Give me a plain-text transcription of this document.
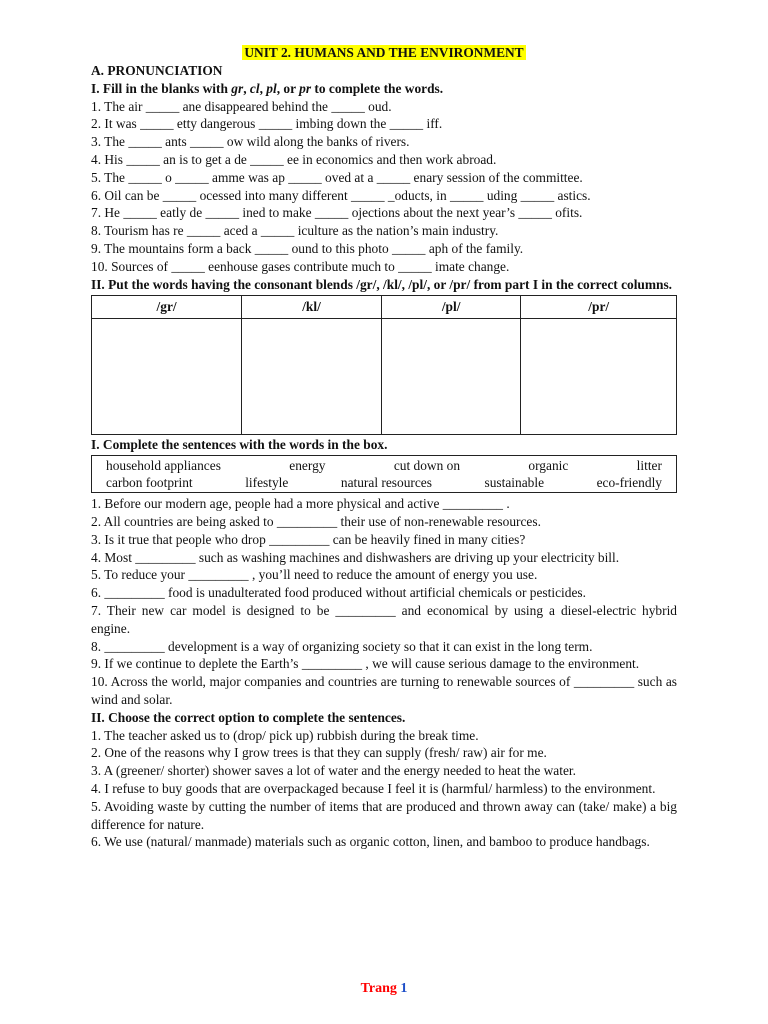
UNIT 2. HUMANS AND THE ENVIRONMENT
A. PRONUNCIATION
I. Fill in the blanks with gr, cl, pl, or pr to complete the words.
1. The air _____ ane disappeared behind the _____ oud.
2. It was _____ etty dangerous _____ imbing down the _____ iff.
3. The _____ ants _____ ow wild along the banks of rivers.
4. His _____ an is to get a de _____ ee in economics and then work abroad.
5. The _____ o _____ amme was ap _____ oved at a _____ enary session of the committee.
6. Oil can be _____ ocessed into many different _____ _oducts, in _____ uding _____ astics.
7. He _____ eatly de _____ ined to make _____ ojections about the next year’s _____ ofits.
8. Tourism has re _____ aced a _____ iculture as the nation’s main industry.
9. The mountains form a back _____ ound to this photo _____ aph of the family.
10. Sources of _____ eenhouse gases contribute much to _____ imate change.
II. Put the words having the consonant blends /gr/, /kl/, /pl/, or /pr/ from part I in the correct columns.
/gr/	/kl/	/pl/	/pr/

I. Complete the sentences with the words in the box.
household appliances	energy	cut down on	organic	litter
carbon footprint	lifestyle	natural resources	sustainable	eco-friendly
1. Before our modern age, people had a more physical and active _________ .
2. All countries are being asked to _________ their use of non-renewable resources.
3. Is it true that people who drop _________ can be heavily fined in many cities?
4. Most _________ such as washing machines and dishwashers are driving up your electricity bill.
5. To reduce your _________ , you’ll need to reduce the amount of energy you use.
6. _________ food is unadulterated food produced without artificial chemicals or pesticides.
7. Their new car model is designed to be _________ and economical by using a diesel-electric hybrid engine.
8. _________ development is a way of organizing society so that it can exist in the long term.
9. If we continue to deplete the Earth’s _________ , we will cause serious damage to the environment.
10. Across the world, major companies and countries are turning to renewable sources of _________ such as wind and solar.
II. Choose the correct option to complete the sentences.
1. The teacher asked us to (drop/ pick up) rubbish during the break time.
2. One of the reasons why I grow trees is that they can supply (fresh/ raw) air for me.
3. A (greener/ shorter) shower saves a lot of water and the energy needed to heat the water.
4. I refuse to buy goods that are overpackaged because I feel it is (harmful/ harmless) to the environment.
5. Avoiding waste by cutting the number of items that are produced and thrown away can (take/ make) a big difference for nature.
6. We use (natural/ manmade) materials such as organic cotton, linen, and bamboo to produce handbags.
Trang 1
